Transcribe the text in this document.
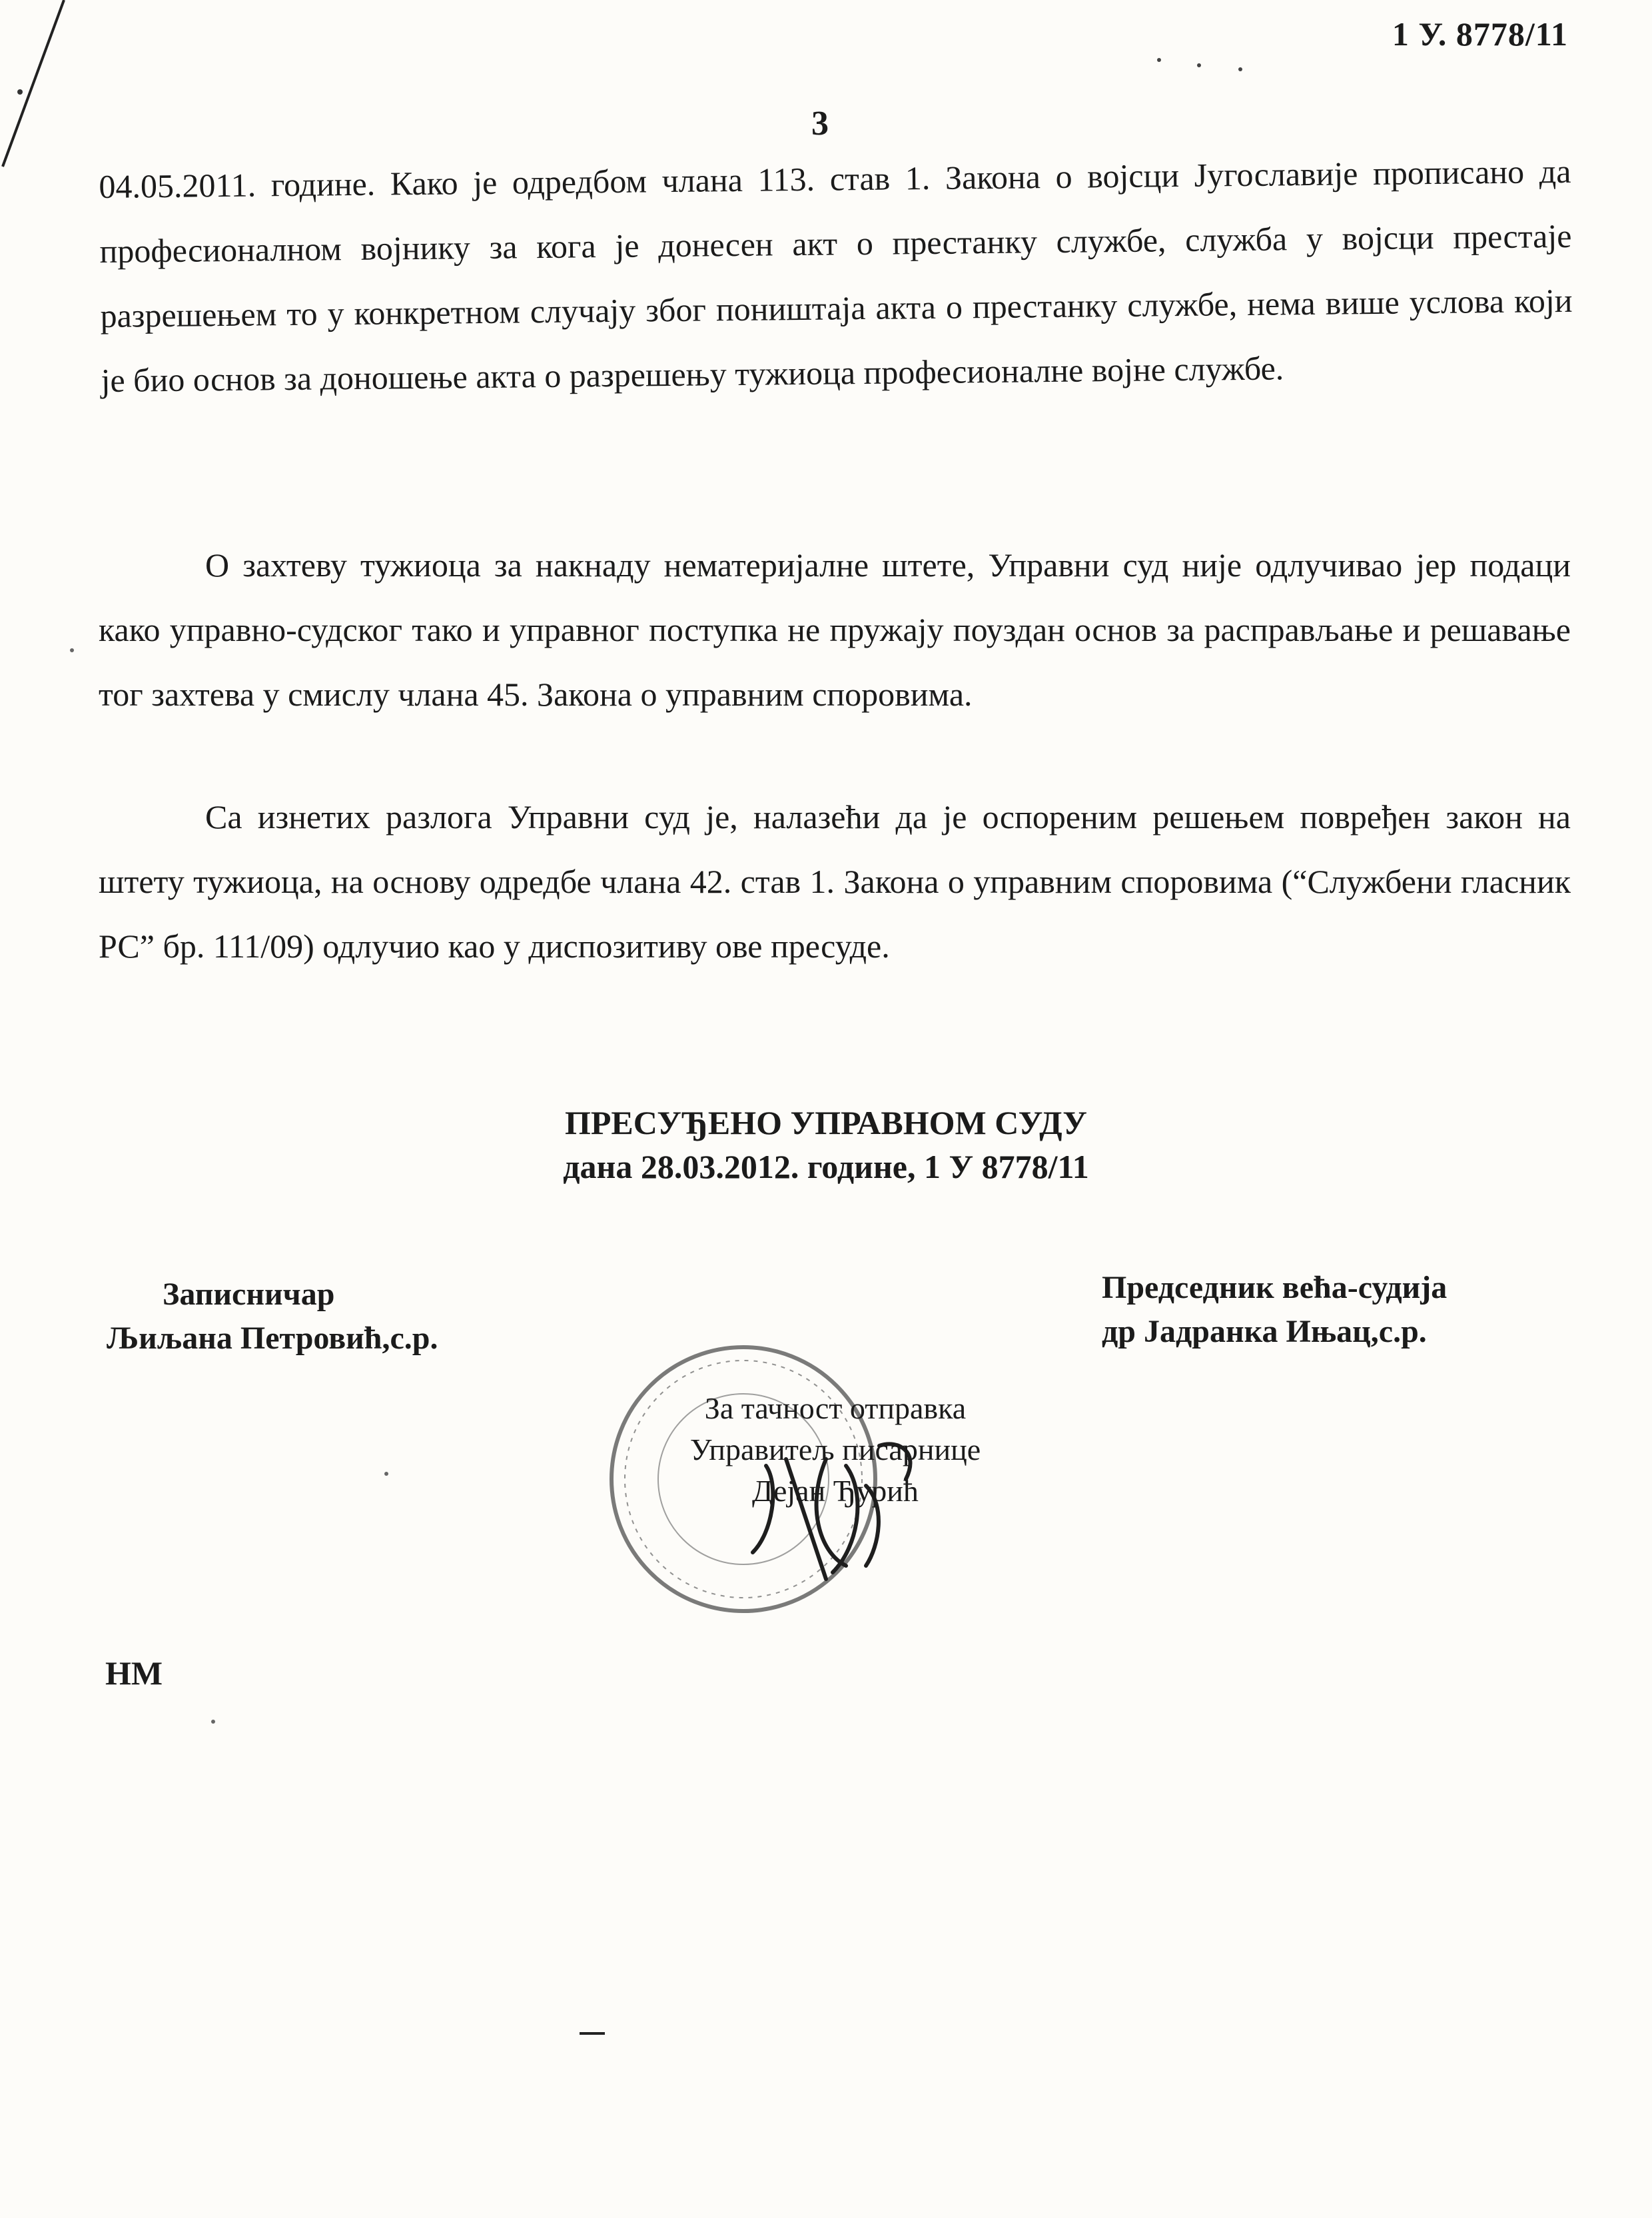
1 У. 8778/11
3

04.05.2011. године. Како је одредбом члана 113. став 1. Закона о војсци Југославије прописано да професионалном војнику за кога је донесен акт о престанку службе, служба у војсци престаје разрешењем то у конкретном случају због поништаја акта о престанку службе, нема више услова који је био основ за доношење акта о разрешењу тужиоца професионалне војне службе.

О захтеву тужиоца за накнаду нематеријалне штете, Управни суд није одлучивао јер подаци како управно-судског тако и управног поступка не пружају поуздан основ за расправљање и решавање тог захтева у смислу члана 45. Закона о управним споровима.

Са изнетих разлога Управни суд је, налазећи да је оспореним решењем повређен закон на штету тужиоца, на основу одредбе члана 42. став 1. Закона о управним споровима (“Службени гласник РС” бр. 111/09) одлучио као у диспозитиву ове пресуде.

ПРЕСУЂЕНО УПРАВНОМ СУДУ
дана 28.03.2012. године, 1 У 8778/11
Записничар
Љиљана Петровић,с.р.
Председник већа-судија
др Јадранка Ињац,с.р.
За тачност отправка
Управитељ писарнице
Дејан Ђурић
НМ
